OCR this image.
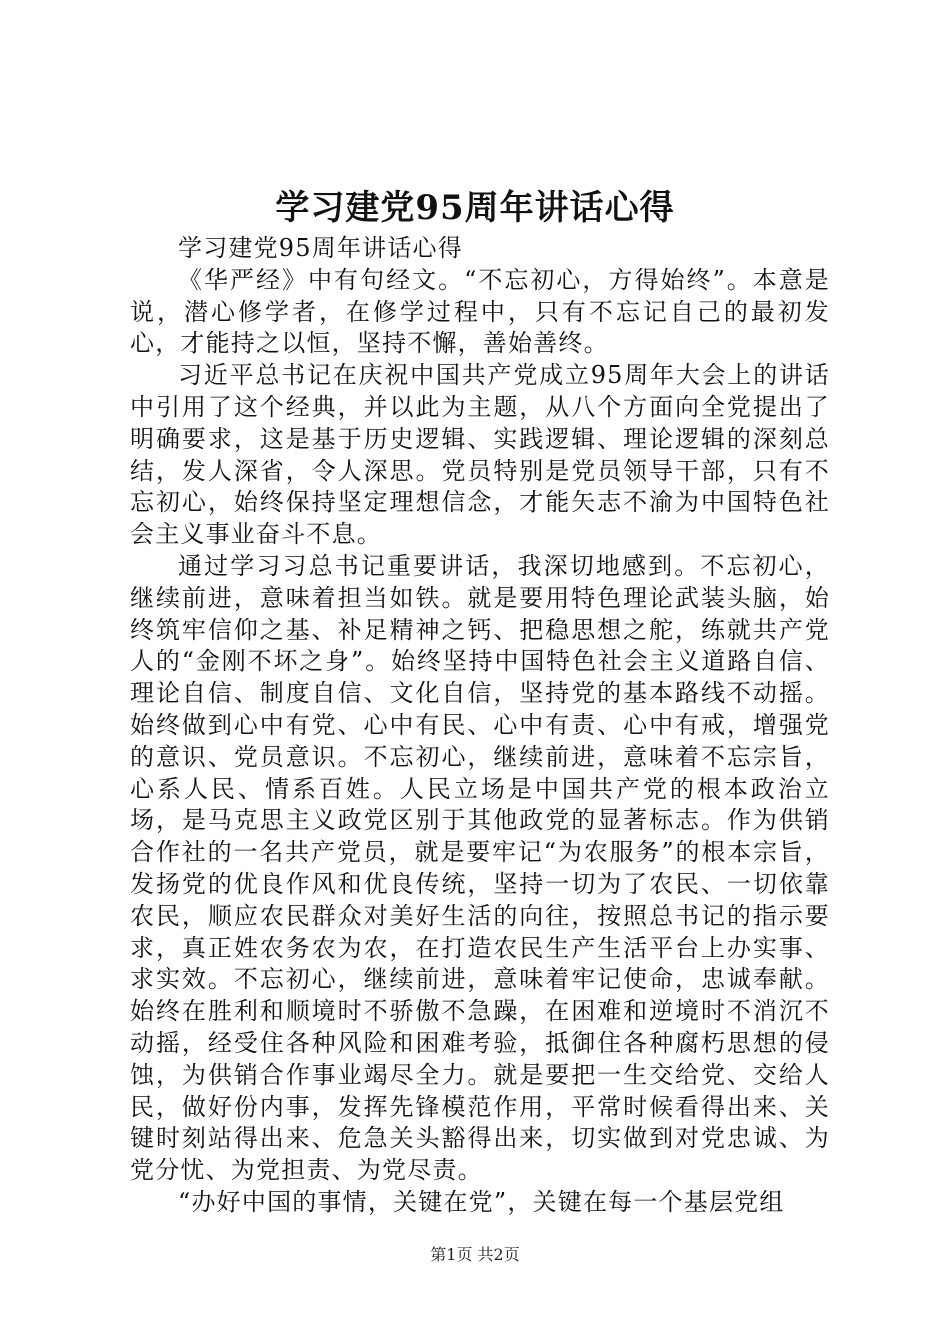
学习建党95周年讲话心得

学习建党95周年讲话心得

《华严经》中有句经文。“不忘初心，方得始终”。本意是说，潜心修学者，在修学过程中，只有不忘记自己的最初发心，才能持之以恒，坚持不懈，善始善终。

习近平总书记在庆祝中国共产党成立95周年大会上的讲话中引用了这个经典，并以此为主题，从八个方面向全党提出了明确要求，这是基于历史逻辑、实践逻辑、理论逻辑的深刻总结，发人深省，令人深思。党员特别是党员领导干部，只有不忘初心，始终保持坚定理想信念，才能矢志不渝为中国特色社会主义事业奋斗不息。

通过学习习总书记重要讲话，我深切地感到。不忘初心，继续前进，意味着担当如铁。就是要用特色理论武装头脑，始终筑牢信仰之基、补足精神之钙、把稳思想之舵，练就共产党人的“金刚不坏之身”。始终坚持中国特色社会主义道路自信、理论自信、制度自信、文化自信，坚持党的基本路线不动摇。始终做到心中有党、心中有民、心中有责、心中有戒，增强党的意识、党员意识。不忘初心，继续前进，意味着不忘宗旨，心系人民、情系百姓。人民立场是中国共产党的根本政治立场，是马克思主义政党区别于其他政党的显著标志。作为供销合作社的一名共产党员，就是要牢记“为农服务”的根本宗旨，发扬党的优良作风和优良传统，坚持一切为了农民、一切依靠农民，顺应农民群众对美好生活的向往，按照总书记的指示要求，真正姓农务农为农，在打造农民生产生活平台上办实事、求实效。不忘初心，继续前进，意味着牢记使命，忠诚奉献。始终在胜利和顺境时不骄傲不急躁，在困难和逆境时不消沉不动摇，经受住各种风险和困难考验，抵御住各种腐朽思想的侵蚀，为供销合作事业竭尽全力。就是要把一生交给党、交给人民，做好份内事，发挥先锋模范作用，平常时候看得出来、关键时刻站得出来、危急关头豁得出来，切实做到对党忠诚、为党分忧、为党担责、为党尽责。

“办好中国的事情，关键在党”，关键在每一个基层党组

第1页 共2页
